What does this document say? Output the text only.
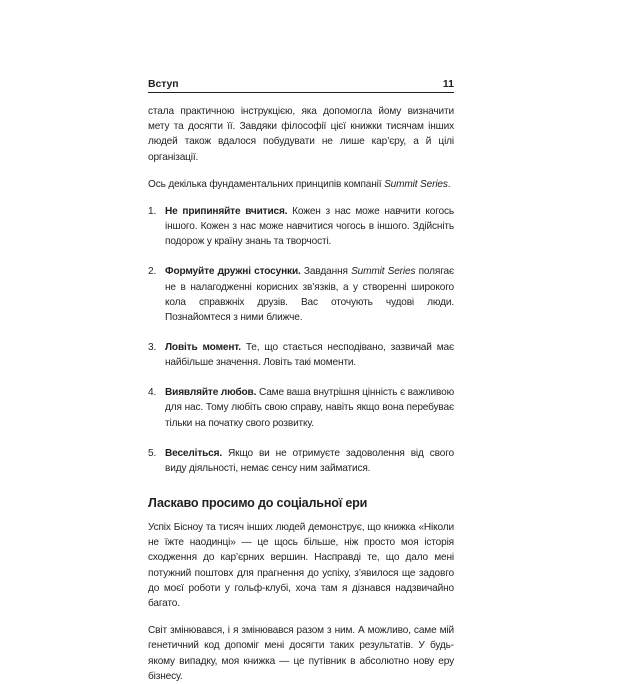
Вступ	11

стала практичною інструкцією, яка допомогла йому визначити мету та досягти її. Завдяки філософії цієї книжки тисячам інших людей також вдалося побудувати не лише кар’єру, а й цілі організації.

Ось декілька фундаментальних принципів компанії Summit Series.

1. Не припиняйте вчитися. Кожен з нас може навчити когось іншого. Кожен з нас може навчитися чогось в іншого. Здійсніть подорож у країну знань та творчості.
2. Формуйте дружні стосунки. Завдання Summit Series полягає не в налагодженні корисних зв’язків, а у створенні широкого кола справжніх друзів. Вас оточують чудові люди. Познайомтеся з ними ближче.
3. Ловіть момент. Те, що стається несподівано, зазвичай має найбільше значення. Ловіть такі моменти.
4. Виявляйте любов. Саме ваша внутрішня цінність є важливою для нас. Тому любіть свою справу, навіть якщо вона перебуває тільки на початку свого розвитку.
5. Веселіться. Якщо ви не отримуєте задоволення від свого виду діяльності, немає сенсу ним займатися.
Ласкаво просимо до соціальної ери

Успіх Бісноу та тисяч інших людей демонструє, що книжка «Ніколи не їжте наодинці» — це щось більше, ніж просто моя історія сходження до кар’єрних вершин. Насправді те, що дало мені потужний поштовх для прагнення до успіху, з’явилося ще задовго до моєї роботи у гольф-клубі, хоча там я дізнався надзвичайно багато.

Світ змінювався, і я змінювався разом з ним. А можливо, саме мій генетичний код допоміг мені досягти таких результатів. У будь-якому випадку, моя книжка — це путівник в абсолютно нову еру бізнесу.
